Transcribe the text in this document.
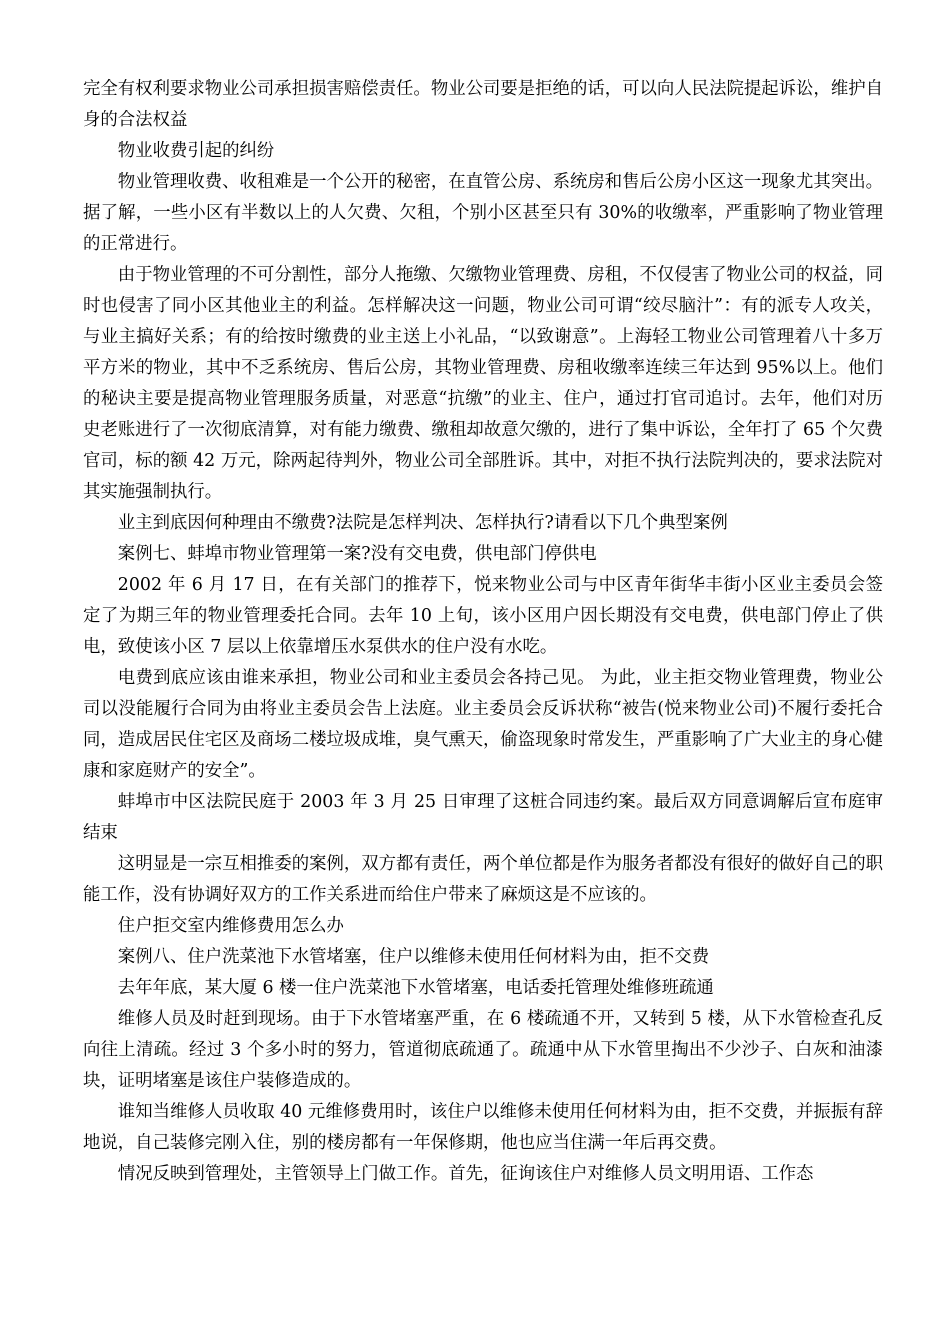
完全有权利要求物业公司承担损害赔偿责任。物业公司要是拒绝的话，可以向人民法院提起诉讼，维护自身的合法权益

物业收费引起的纠纷

物业管理收费、收租难是一个公开的秘密，在直管公房、系统房和售后公房小区这一现象尤其突出。据了解，一些小区有半数以上的人欠费、欠租，个别小区甚至只有 30%的收缴率，严重影响了物业管理的正常进行。

由于物业管理的不可分割性，部分人拖缴、欠缴物业管理费、房租，不仅侵害了物业公司的权益，同时也侵害了同小区其他业主的利益。怎样解决这一问题，物业公司可谓“绞尽脑汁”：有的派专人攻关，与业主搞好关系；有的给按时缴费的业主送上小礼品，“以致谢意”。上海轻工物业公司管理着八十多万平方米的物业，其中不乏系统房、售后公房，其物业管理费、房租收缴率连续三年达到 95%以上。他们的秘诀主要是提高物业管理服务质量，对恶意“抗缴”的业主、住户，通过打官司追讨。去年，他们对历史老账进行了一次彻底清算，对有能力缴费、缴租却故意欠缴的，进行了集中诉讼，全年打了 65 个欠费官司，标的额 42 万元，除两起待判外，物业公司全部胜诉。其中，对拒不执行法院判决的，要求法院对其实施强制执行。

业主到底因何种理由不缴费?法院是怎样判决、怎样执行?请看以下几个典型案例

案例七、蚌埠市物业管理第一案?没有交电费，供电部门停供电

2002 年 6 月 17 日，在有关部门的推荐下，悦来物业公司与中区青年街华丰街小区业主委员会签定了为期三年的物业管理委托合同。去年 10 上旬，该小区用户因长期没有交电费，供电部门停止了供电，致使该小区 7 层以上依靠增压水泵供水的住户没有水吃。

电费到底应该由谁来承担，物业公司和业主委员会各持己见。 为此，业主拒交物业管理费，物业公司以没能履行合同为由将业主委员会告上法庭。业主委员会反诉状称“被告(悦来物业公司)不履行委托合同，造成居民住宅区及商场二楼垃圾成堆，臭气熏天，偷盗现象时常发生，严重影响了广大业主的身心健康和家庭财产的安全”。

蚌埠市中区法院民庭于 2003 年 3 月 25 日审理了这桩合同违约案。最后双方同意调解后宣布庭审结束

这明显是一宗互相推委的案例，双方都有责任，两个单位都是作为服务者都没有很好的做好自己的职能工作，没有协调好双方的工作关系进而给住户带来了麻烦这是不应该的。

住户拒交室内维修费用怎么办

案例八、住户洗菜池下水管堵塞，住户以维修未使用任何材料为由，拒不交费

去年年底，某大厦 6 楼一住户洗菜池下水管堵塞，电话委托管理处维修班疏通

维修人员及时赶到现场。由于下水管堵塞严重，在 6 楼疏通不开，又转到 5 楼，从下水管检查孔反向往上清疏。经过 3 个多小时的努力，管道彻底疏通了。疏通中从下水管里掏出不少沙子、白灰和油漆块，证明堵塞是该住户装修造成的。

谁知当维修人员收取 40 元维修费用时，该住户以维修未使用任何材料为由，拒不交费，并振振有辞地说，自己装修完刚入住，别的楼房都有一年保修期，他也应当住满一年后再交费。

情况反映到管理处，主管领导上门做工作。首先，征询该住户对维修人员文明用语、工作态
